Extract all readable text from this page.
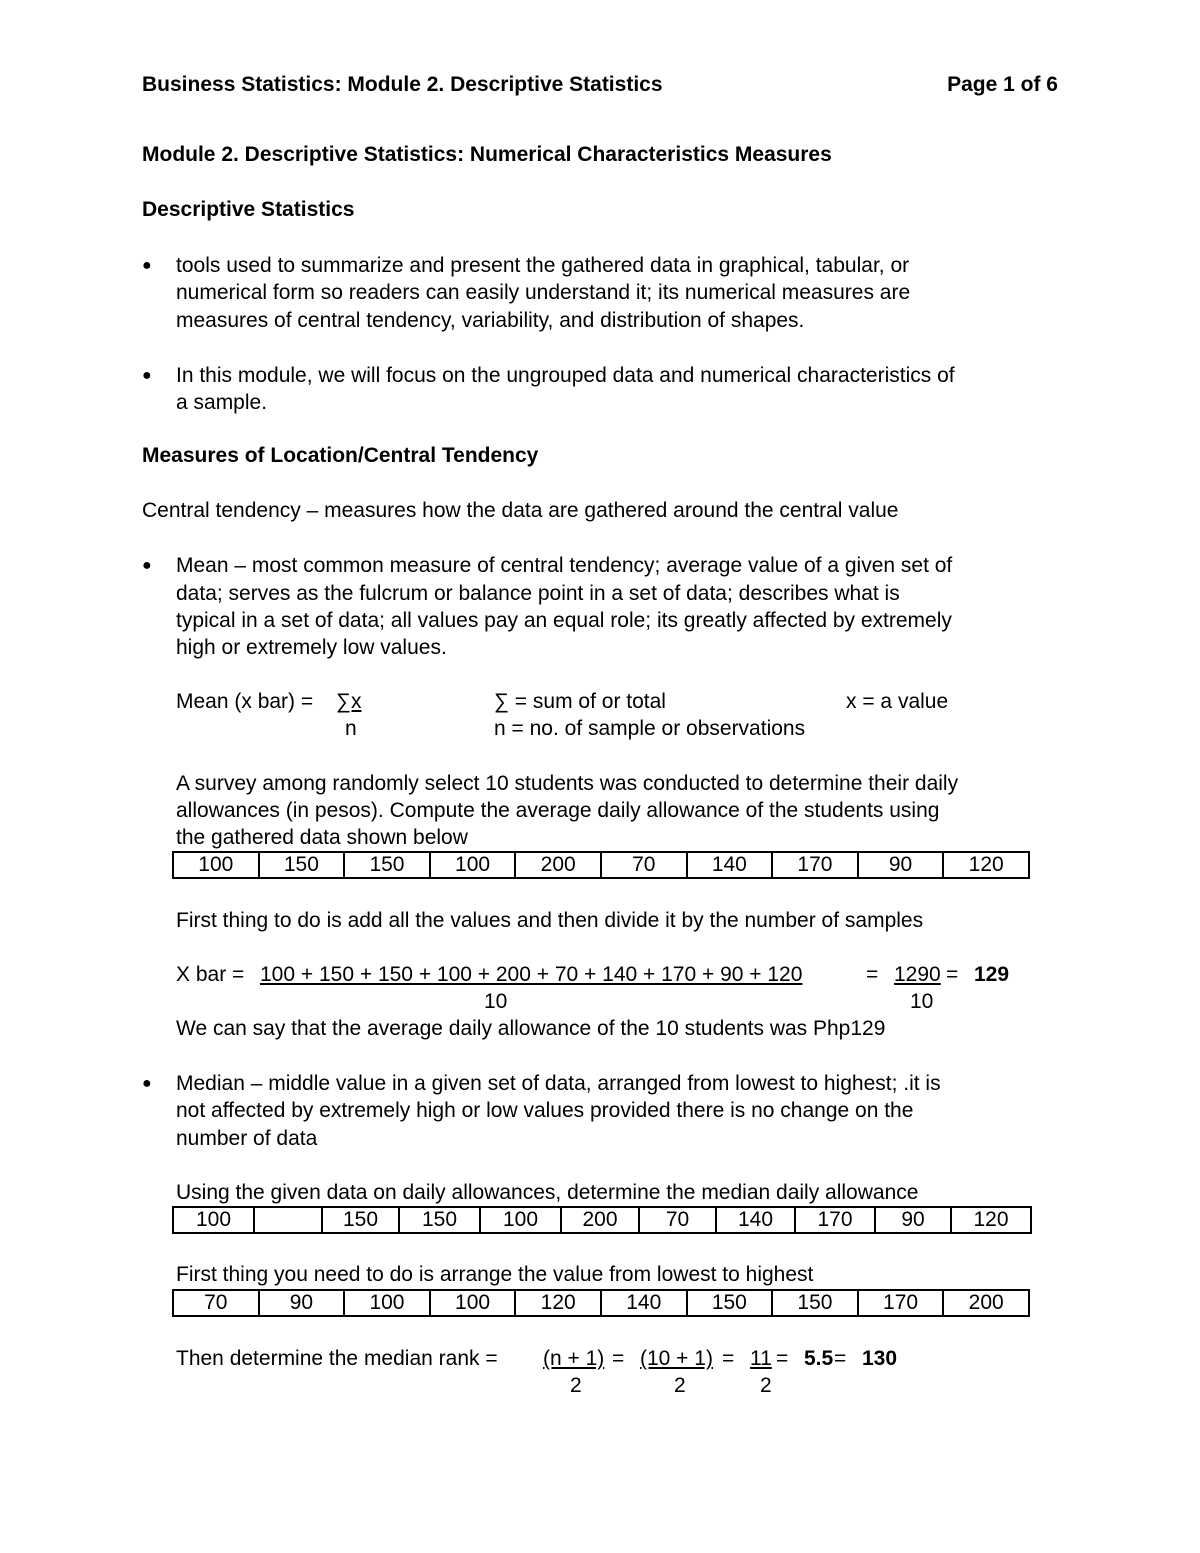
Business Statistics: Module 2. Descriptive Statistics	Page 1 of 6
Module 2. Descriptive Statistics: Numerical Characteristics Measures
Descriptive Statistics
● tools used to summarize and present the gathered data in graphical, tabular, or
numerical form so readers can easily understand it; its numerical measures are
measures of central tendency, variability, and distribution of shapes.
● In this module, we will focus on the ungrouped data and numerical characteristics of
a sample.
Measures of Location/Central Tendency
Central tendency – measures how the data are gathered around the central value
● Mean – most common measure of central tendency; average value of a given set of
data; serves as the fulcrum or balance point in a set of data; describes what is
typical in a set of data; all values pay an equal role; its greatly affected by extremely
high or extremely low values.
Mean (x bar) = ∑x
n
∑ = sum of or total
n = no. of sample or observations
x = a value
A survey among randomly select 10 students was conducted to determine their daily
allowances (in pesos). Compute the average daily allowance of the students using
the gathered data shown below
100	150	150	100	200	70	140	170	90	120
First thing to do is add all the values and then divide it by the number of samples
X bar = 100 + 150 + 150 + 100 + 200 + 70 + 140 + 170 + 90 + 120
10
= 1290
10
= 129
We can say that the average daily allowance of the 10 students was Php129
● Median – middle value in a given set of data, arranged from lowest to highest; .it is
not affected by extremely high or low values provided there is no change on the
number of data
Using the given data on daily allowances, determine the median daily allowance
100		150	150	100	200	70	140	170	90	120
First thing you need to do is arrange the value from lowest to highest
70	90	100	100	120	140	150	150	170	200
Then determine the median rank = (n + 1)
2
= (10 + 1)
2
= 11
2
= 5.5 = 130
